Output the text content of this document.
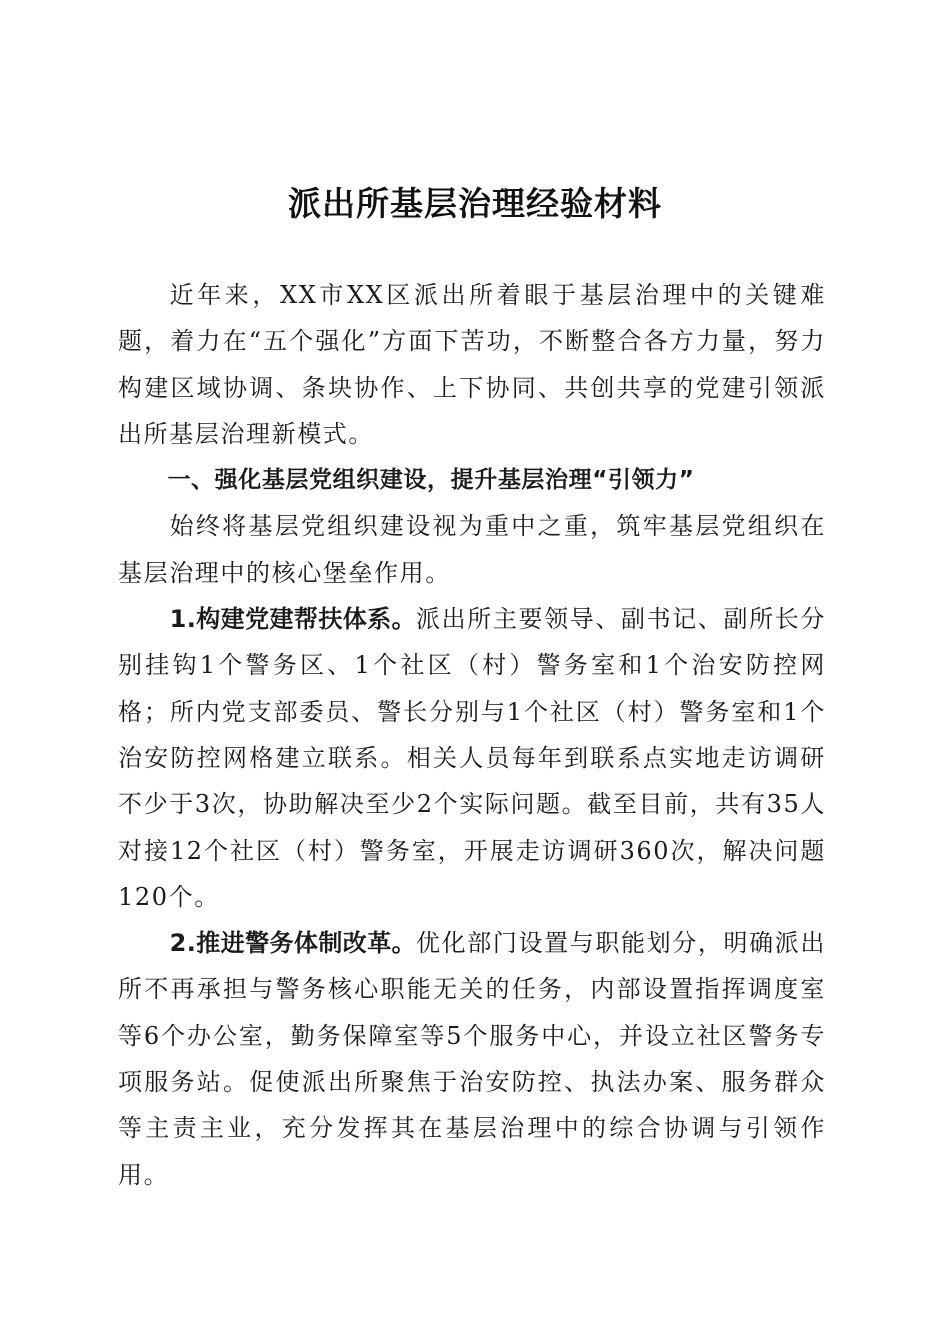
派出所基层治理经验材料

近年来，XX市XX区派出所着眼于基层治理中的关键难题，着力在“五个强化”方面下苦功，不断整合各方力量，努力构建区域协调、条块协作、上下协同、共创共享的党建引领派出所基层治理新模式。

一、强化基层党组织建设，提升基层治理“引领力”

始终将基层党组织建设视为重中之重，筑牢基层党组织在基层治理中的核心堡垒作用。

1.构建党建帮扶体系。派出所主要领导、副书记、副所长分别挂钩1个警务区、1个社区（村）警务室和1个治安防控网格；所内党支部委员、警长分别与1个社区（村）警务室和1个治安防控网格建立联系。相关人员每年到联系点实地走访调研不少于3次，协助解决至少2个实际问题。截至目前，共有35人对接12个社区（村）警务室，开展走访调研360次，解决问题120个。

2.推进警务体制改革。优化部门设置与职能划分，明确派出所不再承担与警务核心职能无关的任务，内部设置指挥调度室等6个办公室，勤务保障室等5个服务中心，并设立社区警务专项服务站。促使派出所聚焦于治安防控、执法办案、服务群众等主责主业，充分发挥其在基层治理中的综合协调与引领作用。
